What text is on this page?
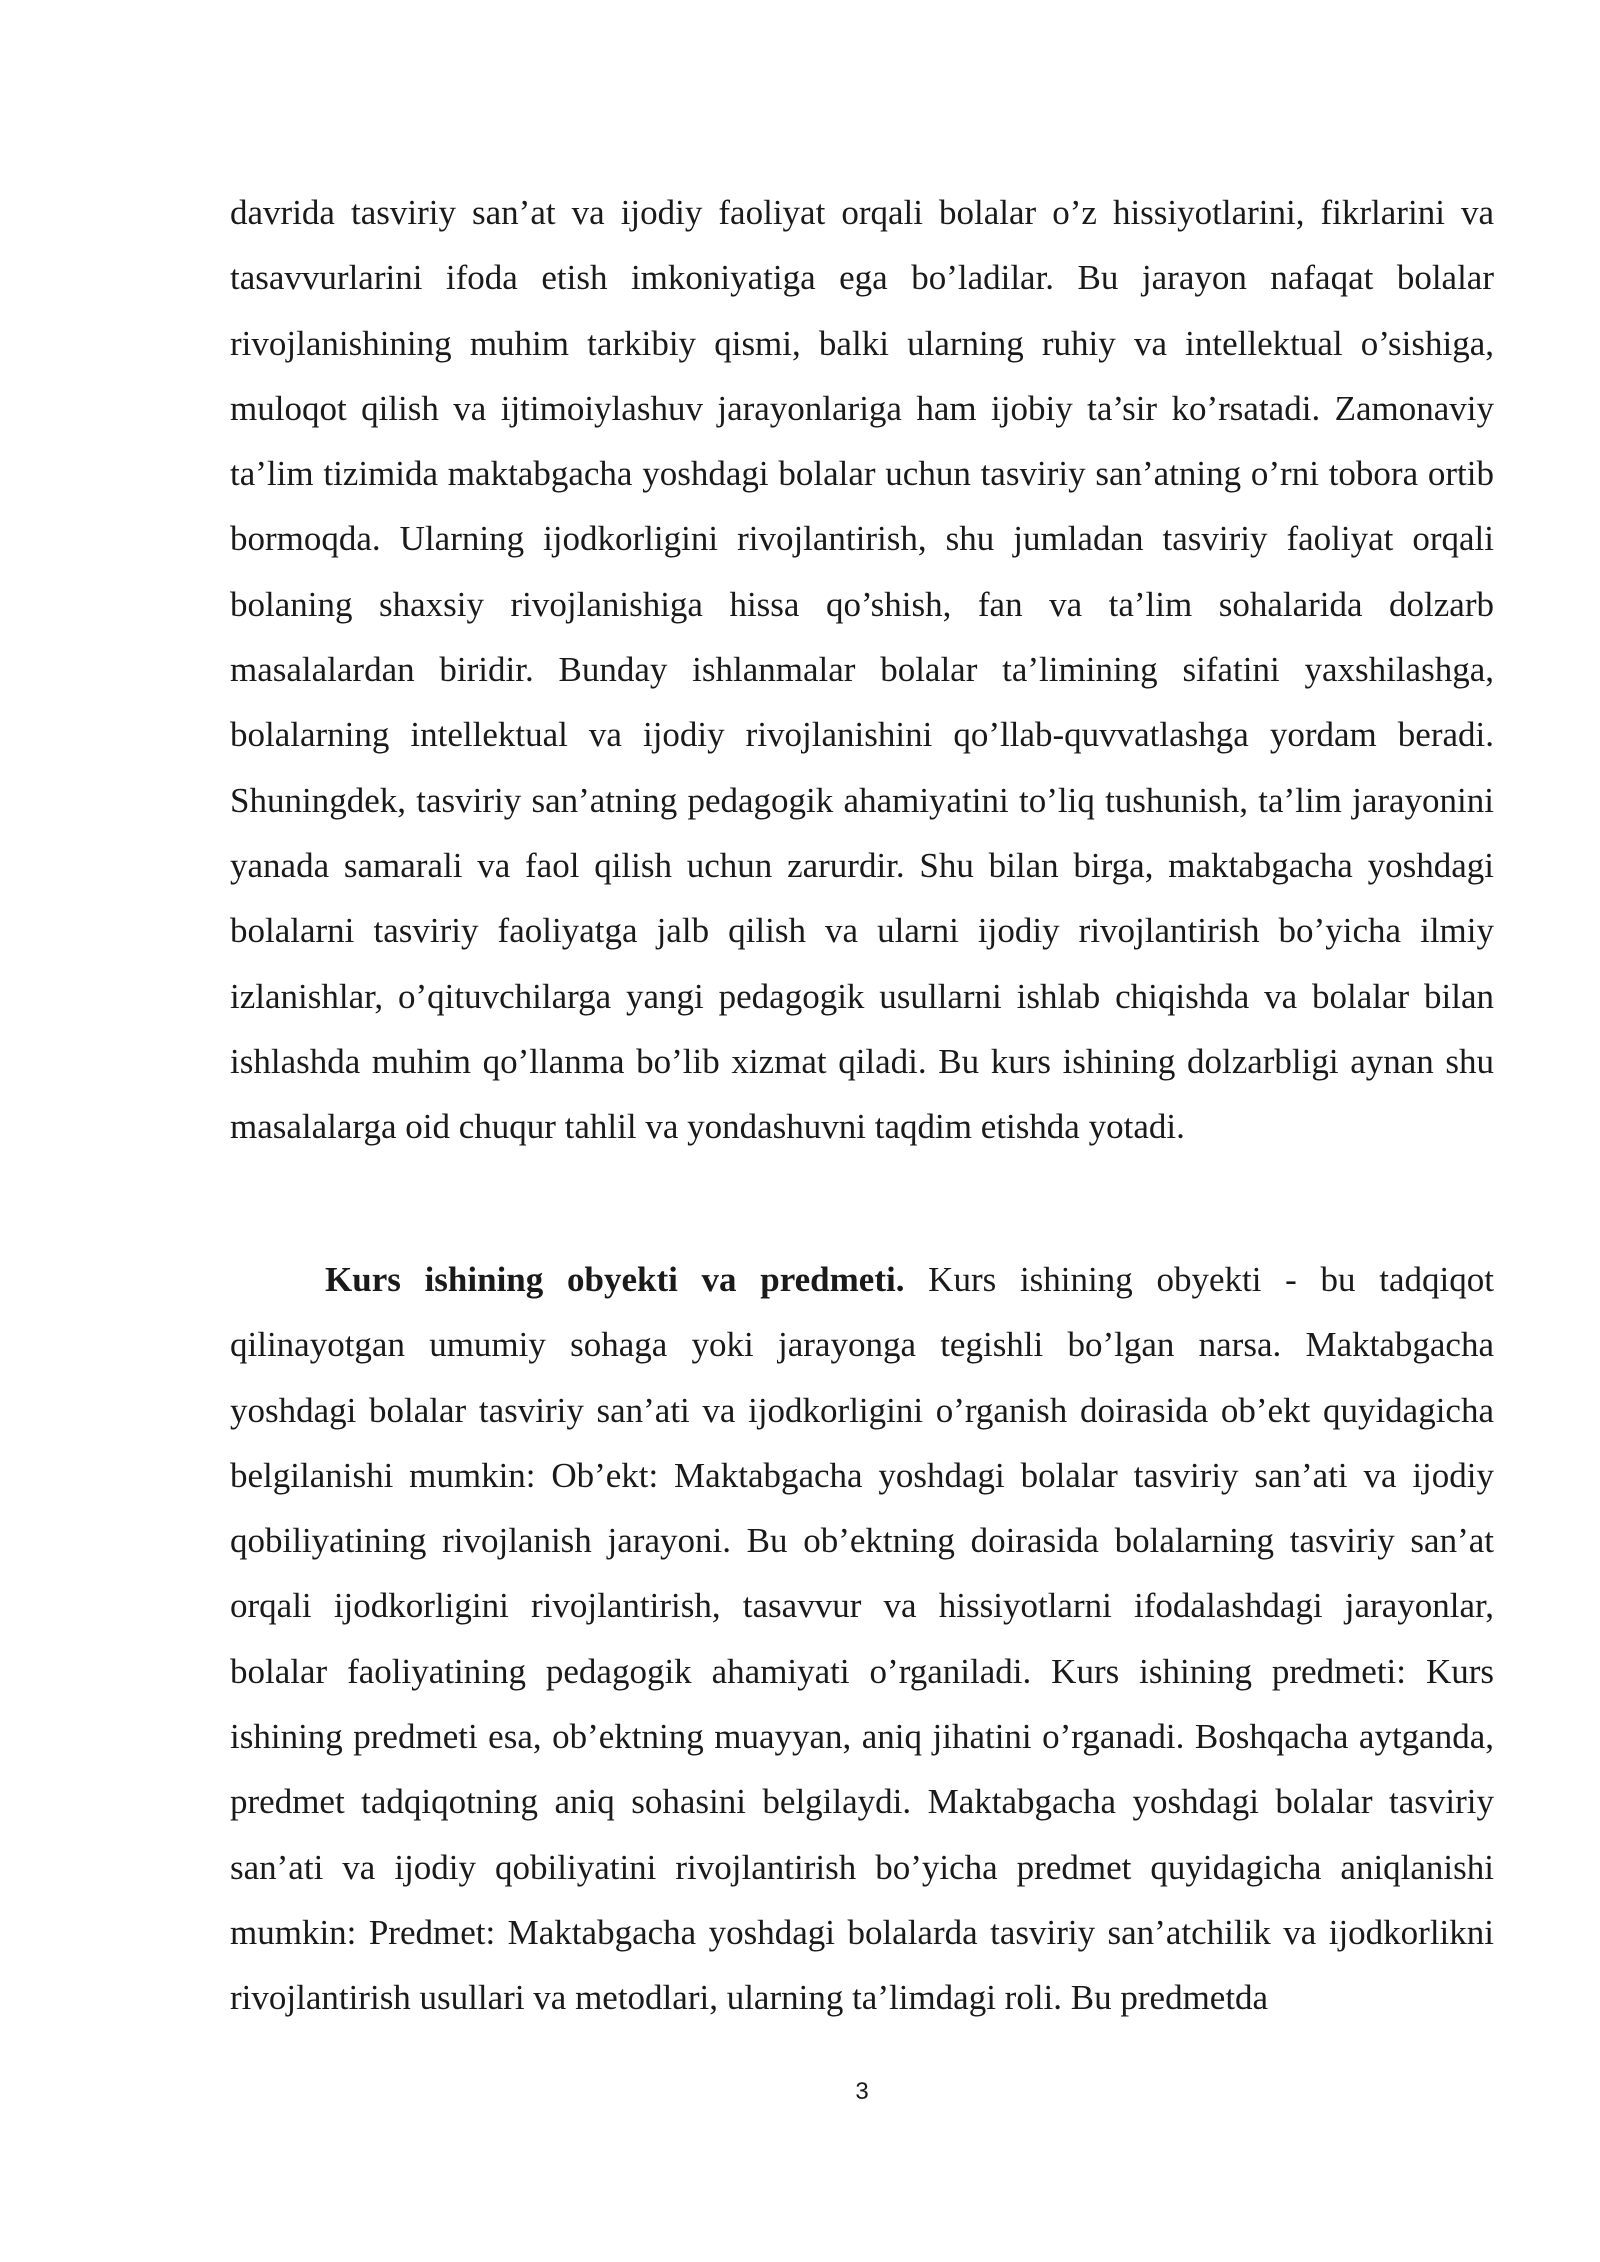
davrida tasviriy san’at va ijodiy faoliyat orqali bolalar o’z hissiyotlarini, fikrlarini va tasavvurlarini ifoda etish imkoniyatiga ega bo’ladilar. Bu jarayon nafaqat bolalar rivojlanishining muhim tarkibiy qismi, balki ularning ruhiy va intellektual o’sishiga, muloqot qilish va ijtimoiylashuv jarayonlariga ham ijobiy ta’sir ko’rsatadi. Zamonaviy ta’lim tizimida maktabgacha yoshdagi bolalar uchun tasviriy san’atning o’rni tobora ortib bormoqda. Ularning ijodkorligini rivojlantirish, shu jumladan tasviriy faoliyat orqali bolaning shaxsiy rivojlanishiga hissa qo’shish, fan va ta’lim sohalarida dolzarb masalalardan biridir. Bunday ishlanmalar bolalar ta’limining sifatini yaxshilashga, bolalarning intellektual va ijodiy rivojlanishini qo’llab-quvvatlashga yordam beradi. Shuningdek, tasviriy san’atning pedagogik ahamiyatini to’liq tushunish, ta’lim jarayonini yanada samarali va faol qilish uchun zarurdir. Shu bilan birga, maktabgacha yoshdagi bolalarni tasviriy faoliyatga jalb qilish va ularni ijodiy rivojlantirish bo’yicha ilmiy izlanishlar, o’qituvchilarga yangi pedagogik usullarni ishlab chiqishda va bolalar bilan ishlashda muhim qo’llanma bo’lib xizmat qiladi. Bu kurs ishining dolzarbligi aynan shu masalalarga oid chuqur tahlil va yondashuvni taqdim etishda yotadi.

Kurs ishining obyekti va predmeti. Kurs ishining obyekti - bu tadqiqot qilinayotgan umumiy sohaga yoki jarayonga tegishli bo’lgan narsa. Maktabgacha yoshdagi bolalar tasviriy san’ati va ijodkorligini o’rganish doirasida ob’ekt quyidagicha belgilanishi mumkin: Ob’ekt: Maktabgacha yoshdagi bolalar tasviriy san’ati va ijodiy qobiliyatining rivojlanish jarayoni. Bu ob’ektning doirasida bolalarning tasviriy san’at orqali ijodkorligini rivojlantirish, tasavvur va hissiyotlarni ifodalashdagi jarayonlar, bolalar faoliyatining pedagogik ahamiyati o’rganiladi. Kurs ishining predmeti: Kurs ishining predmeti esa, ob’ektning muayyan, aniq jihatini o’rganadi. Boshqacha aytganda, predmet tadqiqotning aniq sohasini belgilaydi. Maktabgacha yoshdagi bolalar tasviriy san’ati va ijodiy qobiliyatini rivojlantirish bo’yicha predmet quyidagicha aniqlanishi mumkin: Predmet: Maktabgacha yoshdagi bolalarda tasviriy san’atchilik va ijodkorlikni rivojlantirish usullari va metodlari, ularning ta’limdagi roli. Bu predmetda

3
